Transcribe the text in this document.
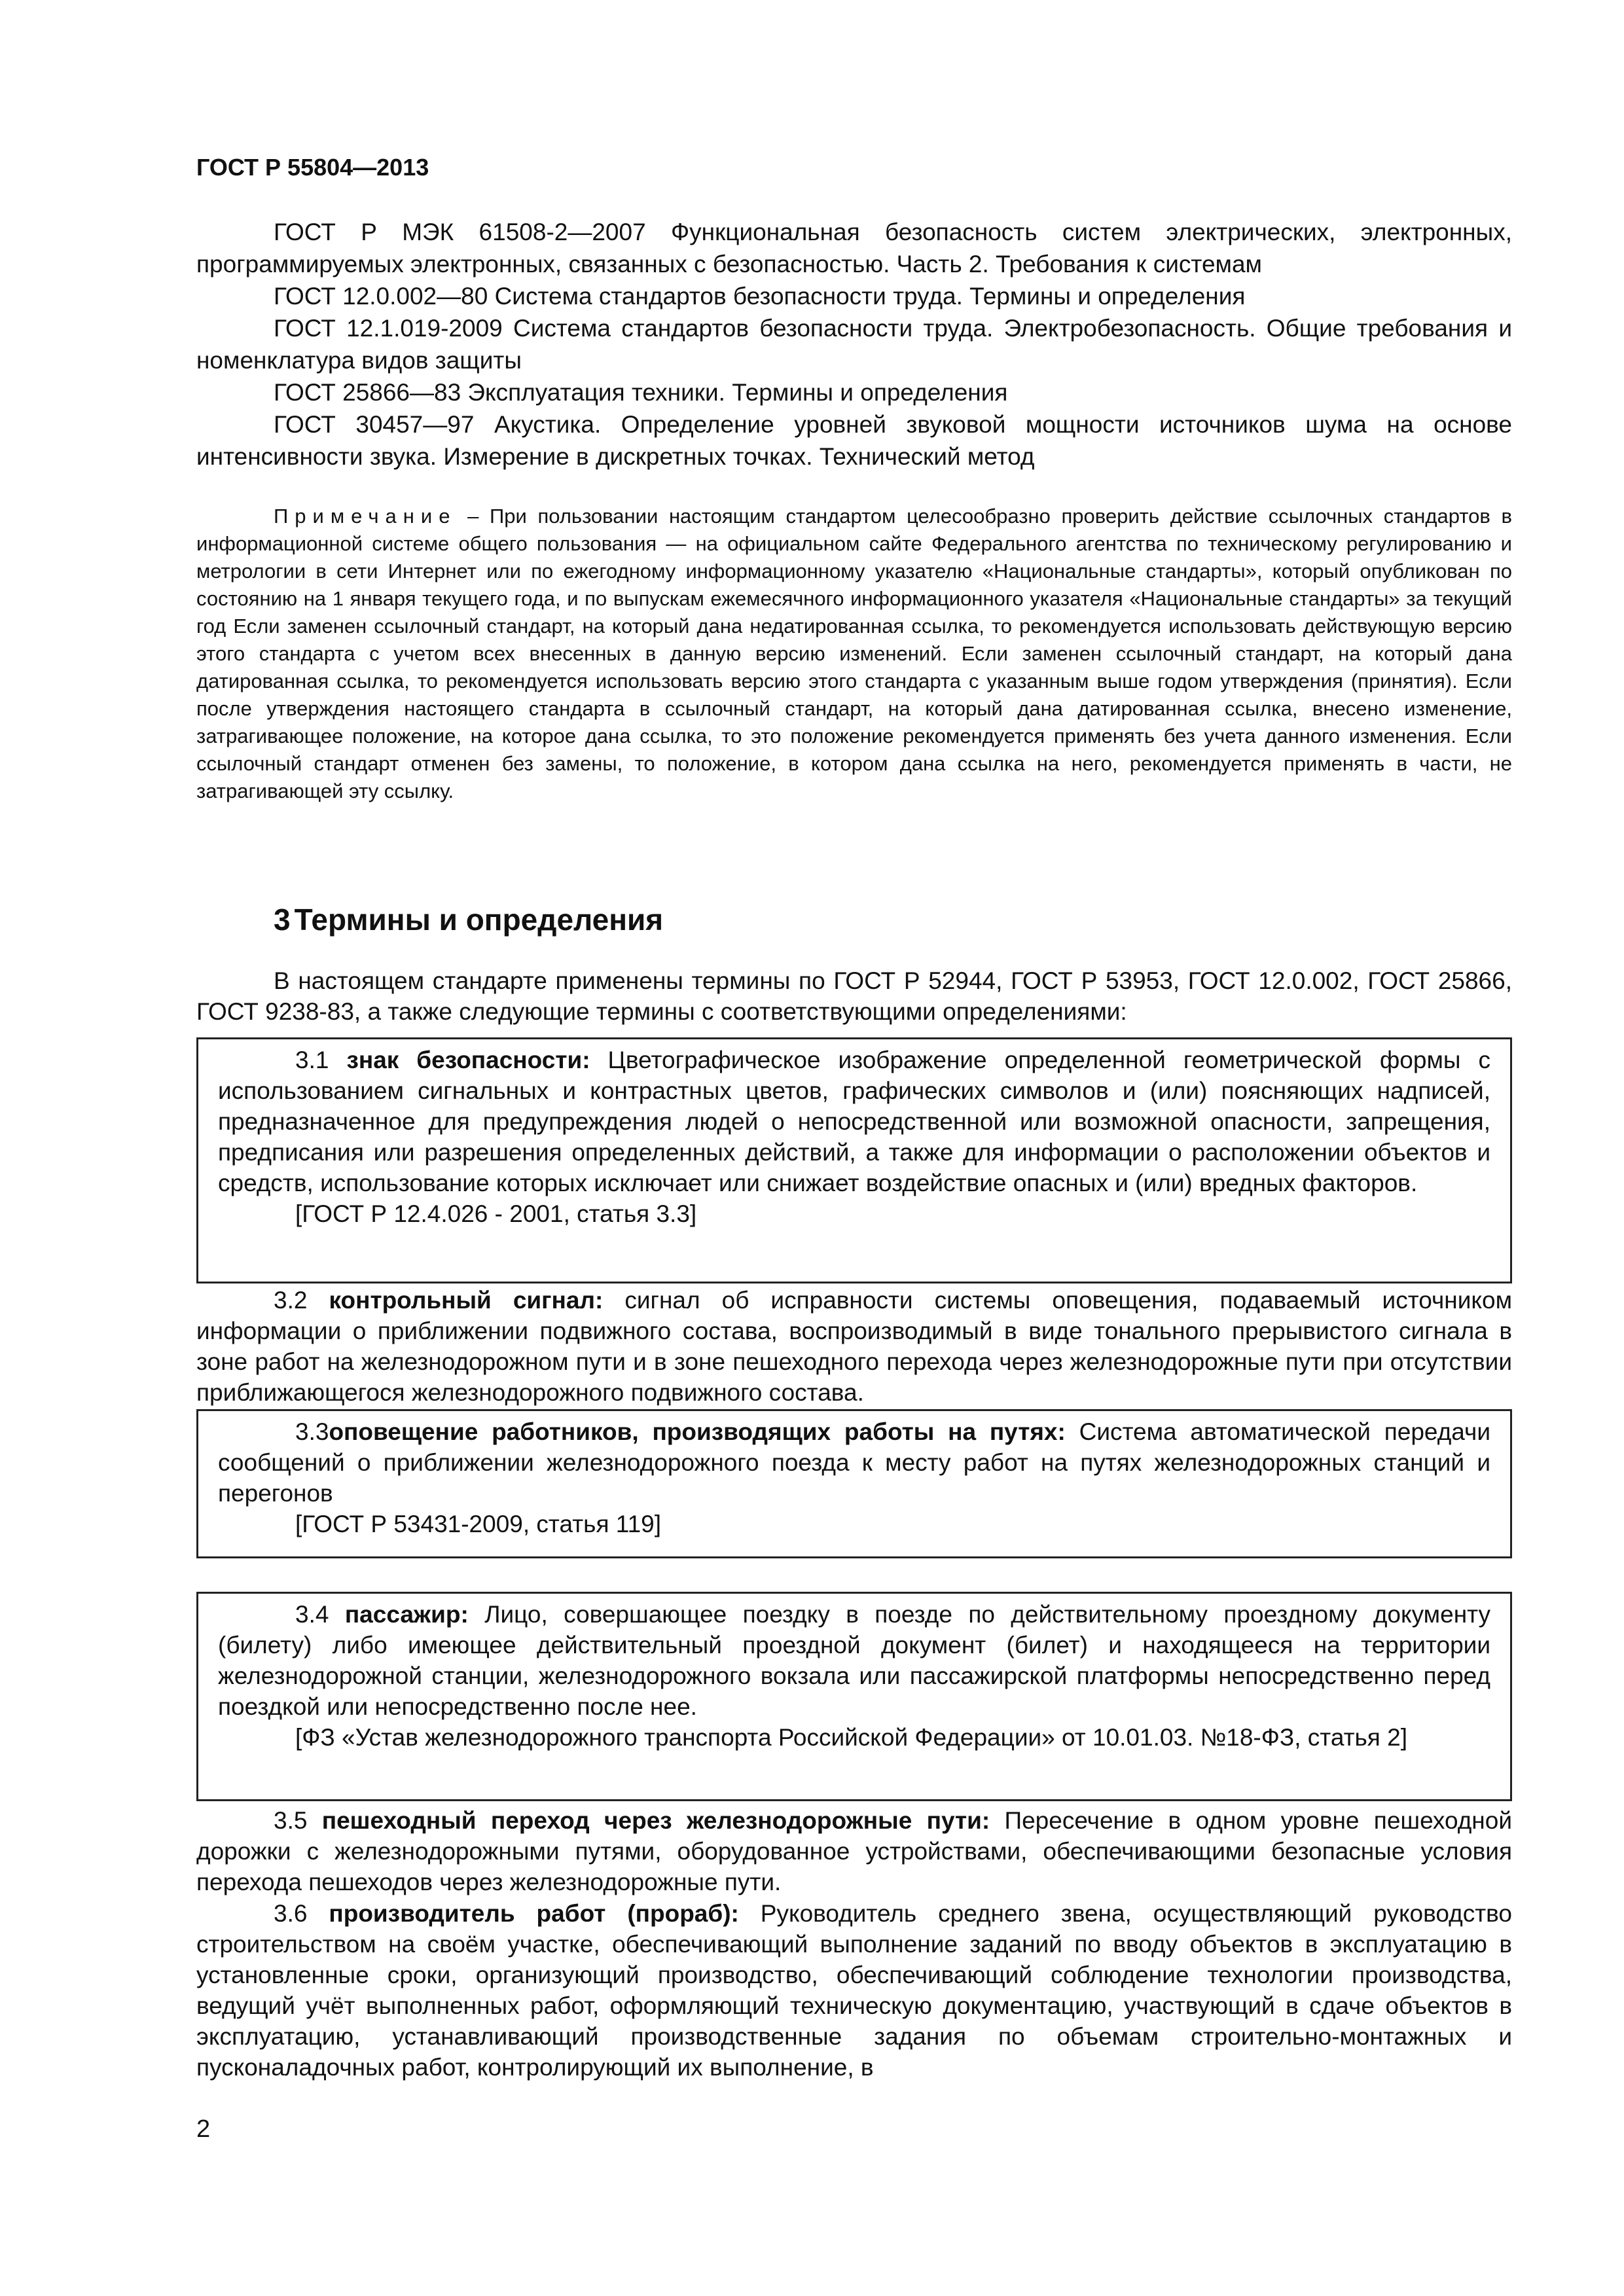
ГОСТ Р 55804—2013

ГОСТ Р МЭК 61508-2—2007 Функциональная безопасность систем электрических, электронных, программируемых электронных, связанных с безопасностью. Часть 2. Требования к системам

ГОСТ 12.0.002—80 Система стандартов безопасности труда. Термины и определения

ГОСТ 12.1.019-2009 Система стандартов безопасности труда. Электробезопасность. Общие требования и номенклатура видов защиты

ГОСТ 25866—83 Эксплуатация техники. Термины и определения

ГОСТ 30457—97 Акустика. Определение уровней звуковой мощности источников шума на основе интенсивности звука. Измерение в дискретных точках. Технический метод

Примечание – При пользовании настоящим стандартом целесообразно проверить действие ссылочных стандартов в информационной системе общего пользования — на официальном сайте Федерального агентства по техническому регулированию и метрологии в сети Интернет или по ежегодному информационному указателю «Национальные стандарты», который опубликован по состоянию на 1 января текущего года, и по выпускам ежемесячного информационного указателя «Национальные стандарты» за текущий год Если заменен ссылочный стандарт, на который дана недатированная ссылка, то рекомендуется использовать действующую версию этого стандарта с учетом всех внесенных в данную версию изменений. Если заменен ссылочный стандарт, на который дана датированная ссылка, то рекомендуется использовать версию этого стандарта с указанным выше годом утверждения (принятия). Если после утверждения настоящего стандарта в ссылочный стандарт, на который дана датированная ссылка, внесено изменение, затрагивающее положение, на которое дана ссылка, то это положение рекомендуется применять без учета данного изменения. Если ссылочный стандарт отменен без замены, то положение, в котором дана ссылка на него, рекомендуется применять в части, не затрагивающей эту ссылку.

3 Термины и определения

В настоящем стандарте применены термины по ГОСТ Р 52944, ГОСТ Р 53953, ГОСТ 12.0.002, ГОСТ 25866, ГОСТ 9238-83, а также следующие термины с соответствующими определениями:

3.1 знак безопасности: Цветографическое изображение определенной геометрической формы с использованием сигнальных и контрастных цветов, графических символов и (или) поясняющих надписей, предназначенное для предупреждения людей о непосредственной или возможной опасности, запрещения, предписания или разрешения определенных действий, а также для информации о расположении объектов и средств, использование которых исключает или снижает воздействие опасных и (или) вредных факторов.

[ГОСТ Р 12.4.026 - 2001, статья 3.3]

3.2 контрольный сигнал: сигнал об исправности системы оповещения, подаваемый источником информации о приближении подвижного состава, воспроизводимый в виде тонального прерывистого сигнала в зоне работ на железнодорожном пути и в зоне пешеходного перехода через железнодорожные пути при отсутствии приближающегося железнодорожного подвижного состава.

3.3оповещение работников, производящих работы на путях: Система автоматической передачи сообщений о приближении железнодорожного поезда к месту работ на путях железнодорожных станций и перегонов

[ГОСТ Р 53431-2009, статья 119]

3.4 пассажир: Лицо, совершающее поездку в поезде по действительному проездному документу (билету) либо имеющее действительный проездной документ (билет) и находящееся на территории железнодорожной станции, железнодорожного вокзала или пассажирской платформы непосредственно перед поездкой или непосредственно после нее.

[ФЗ «Устав железнодорожного транспорта Российской Федерации» от 10.01.03. №18-ФЗ, статья 2]

3.5 пешеходный переход через железнодорожные пути: Пересечение в одном уровне пешеходной дорожки с железнодорожными путями, оборудованное устройствами, обеспечивающими безопасные условия перехода пешеходов через железнодорожные пути.

3.6 производитель работ (прораб): Руководитель среднего звена, осуществляющий руководство строительством на своём участке, обеспечивающий выполнение заданий по вводу объектов в эксплуатацию в установленные сроки, организующий производство, обеспечивающий соблюдение технологии производства, ведущий учёт выполненных работ, оформляющий техническую документацию, участвующий в сдаче объектов в эксплуатацию, устанавливающий производственные задания по объемам строительно-монтажных и пусконаладочных работ, контролирующий их выполнение, в

2
